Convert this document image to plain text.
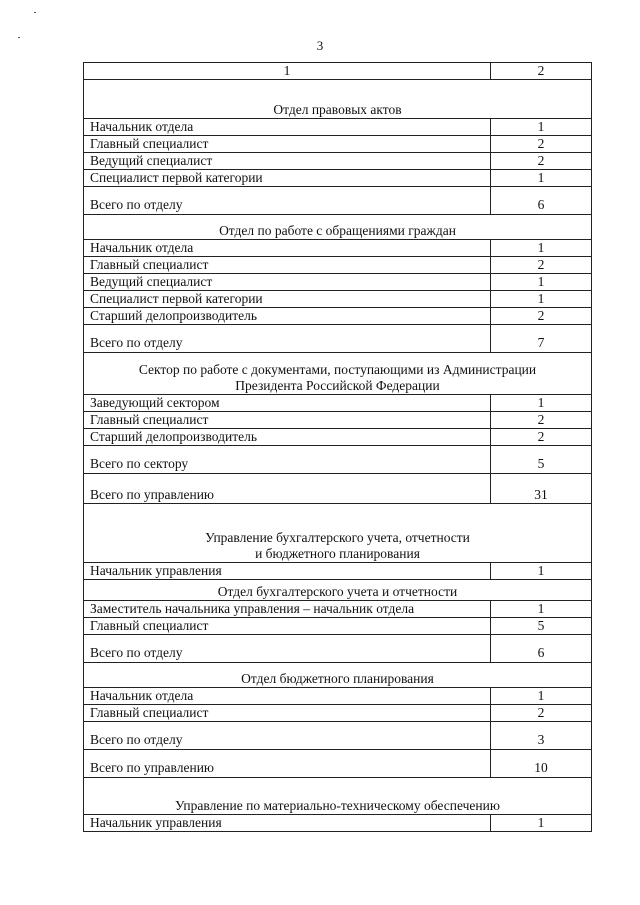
3
1	2
Отдел правовых актов	
Начальник отдела	1
Главный специалист	2
Ведущий специалист	2
Специалист первой категории	1
Всего по отделу	6
Отдел по работе с обращениями граждан	
Начальник отдела	1
Главный специалист	2
Ведущий специалист	1
Специалист первой категории	1
Старший делопроизводитель	2
Всего по отделу	7
Сектор по работе с документами, поступающими из Администрации
Президента Российской Федерации	
Заведующий сектором	1
Главный специалист	2
Старший делопроизводитель	2
Всего по сектору	5
Всего по управлению	31
Управление бухгалтерского учета, отчетности
и бюджетного планирования	
Начальник управления	1
Отдел бухгалтерского учета и отчетности	
Заместитель начальника управления – начальник отдела	1
Главный специалист	5
Всего по отделу	6
Отдел бюджетного планирования	
Начальник отдела	1
Главный специалист	2
Всего по отделу	3
Всего по управлению	10
Управление по материально-техническому обеспечению	
Начальник управления	1
